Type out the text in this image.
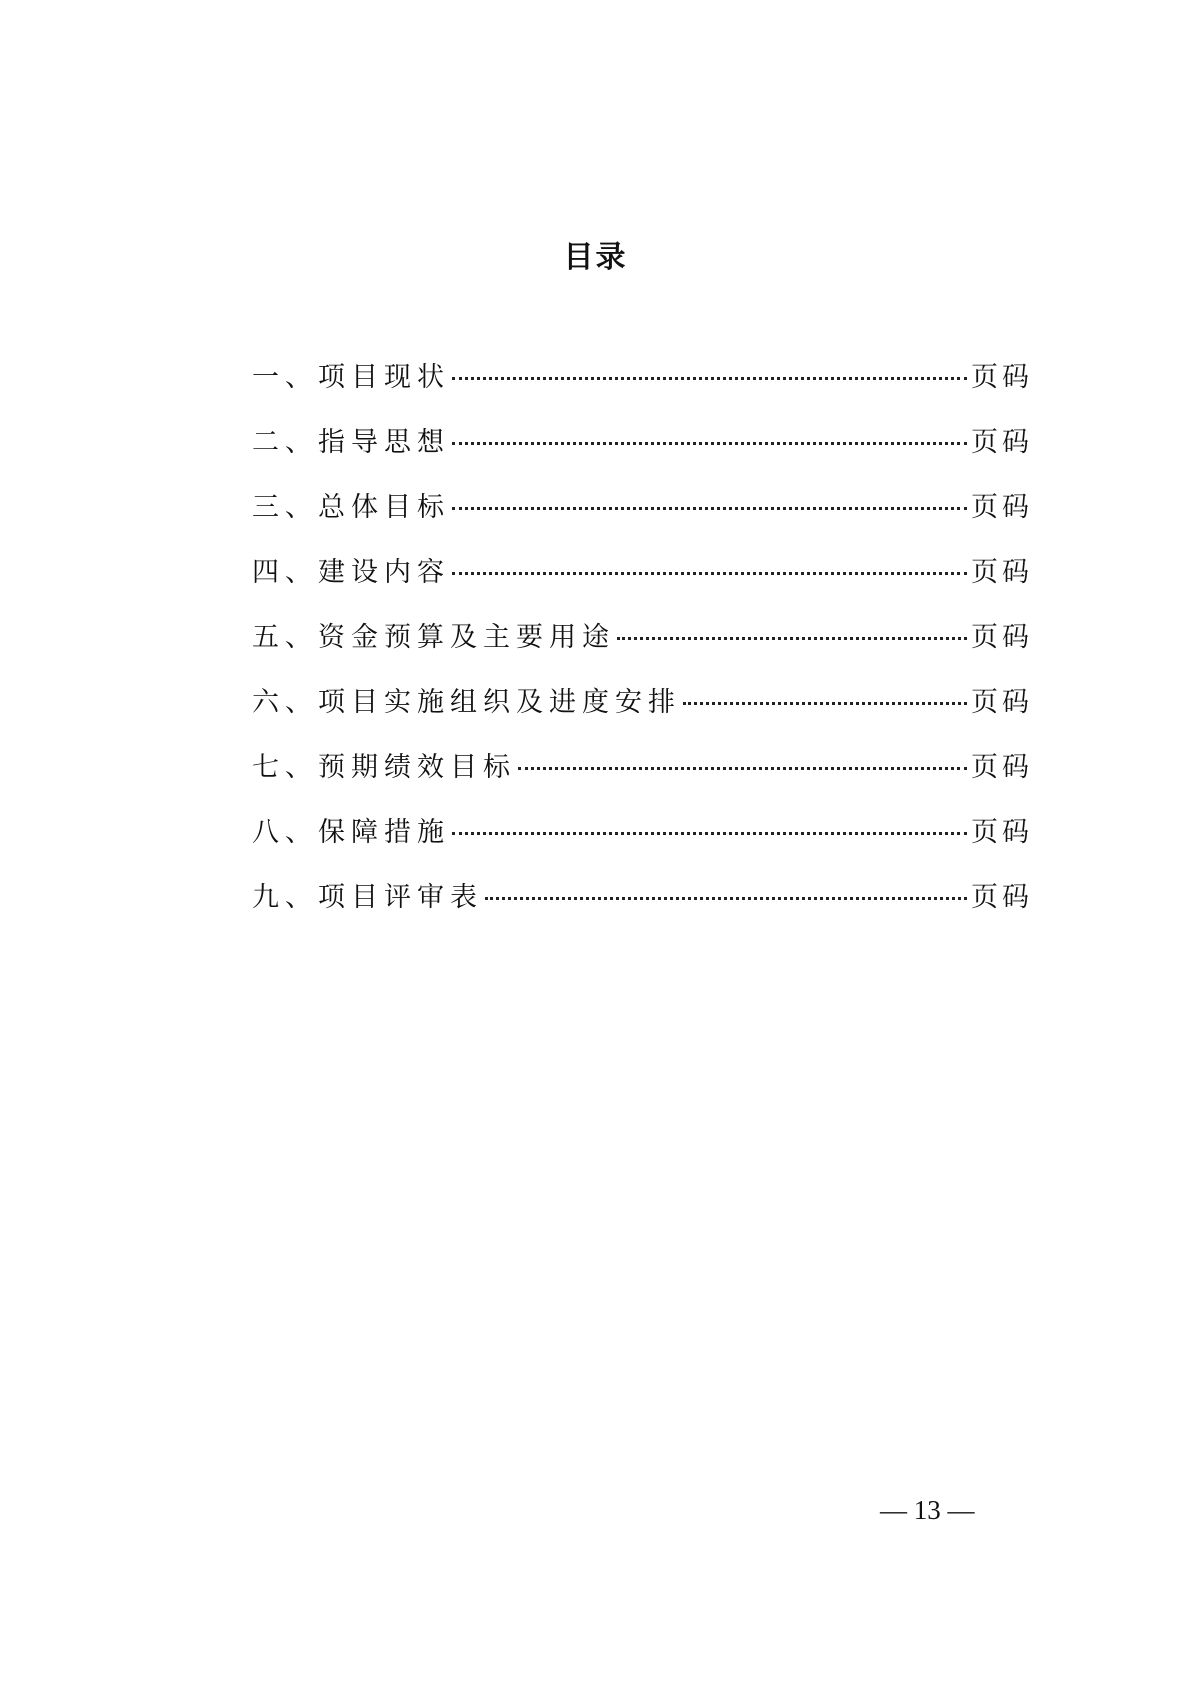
目录
一、项目现状	页码
二、指导思想	页码
三、总体目标	页码
四、建设内容	页码
五、资金预算及主要用途	页码
六、项目实施组织及进度安排	页码
七、预期绩效目标	页码
八、保障措施	页码
九、项目评审表	页码
— 13 —
